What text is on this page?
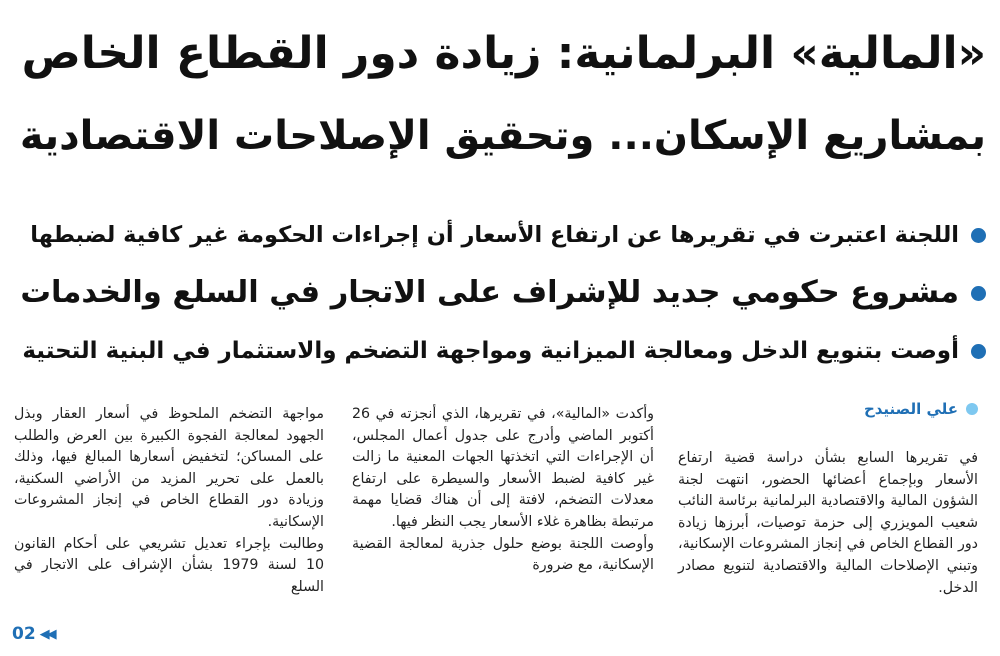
«المالية» البرلمانية: زيادة دور القطاع الخاص
بمشاريع الإسكان... وتحقيق الإصلاحات الاقتصادية
اللجنة اعتبرت في تقريرها عن ارتفاع الأسعار أن إجراءات الحكومة غير كافية لضبطها
مشروع حكومي جديد للإشراف على الاتجار في السلع والخدمات
أوصت بتنويع الدخل ومعالجة الميزانية ومواجهة التضخم والاستثمار في البنية التحتية
علي الصنيدح

في تقريرها السابع بشأن دراسة قضية ارتفاع الأسعار وبإجماع أعضائها الحضور، انتهت لجنة الشؤون المالية والاقتصادية البرلمانية برئاسة النائب شعيب المويزري إلى حزمة توصيات، أبرزها زيادة دور القطاع الخاص في إنجاز المشروعات الإسكانية، وتبني الإصلاحات المالية والاقتصادية لتنويع مصادر الدخل.

وأكدت «المالية»، في تقريرها، الذي أنجزته في 26 أكتوبر الماضي وأدرج على جدول أعمال المجلس، أن الإجراءات التي اتخذتها الجهات المعنية ما زالت غير كافية لضبط الأسعار والسيطرة على ارتفاع معدلات التضخم، لافتة إلى أن هناك قضايا مهمة مرتبطة بظاهرة غلاء الأسعار يجب النظر فيها.

وأوصت اللجنة بوضع حلول جذرية لمعالجة القضية الإسكانية، مع ضرورة

مواجهة التضخم الملحوظ في أسعار العقار وبذل الجهود لمعالجة الفجوة الكبيرة بين العرض والطلب على المساكن؛ لتخفيض أسعارها المبالغ فيها، وذلك بالعمل على تحرير المزيد من الأراضي السكنية، وزيادة دور القطاع الخاص في إنجاز المشروعات الإسكانية.

وطالبت بإجراء تعديل تشريعي على أحكام القانون 10 لسنة 1979 بشأن الإشراف على الاتجار في السلع

02 ◀◀
